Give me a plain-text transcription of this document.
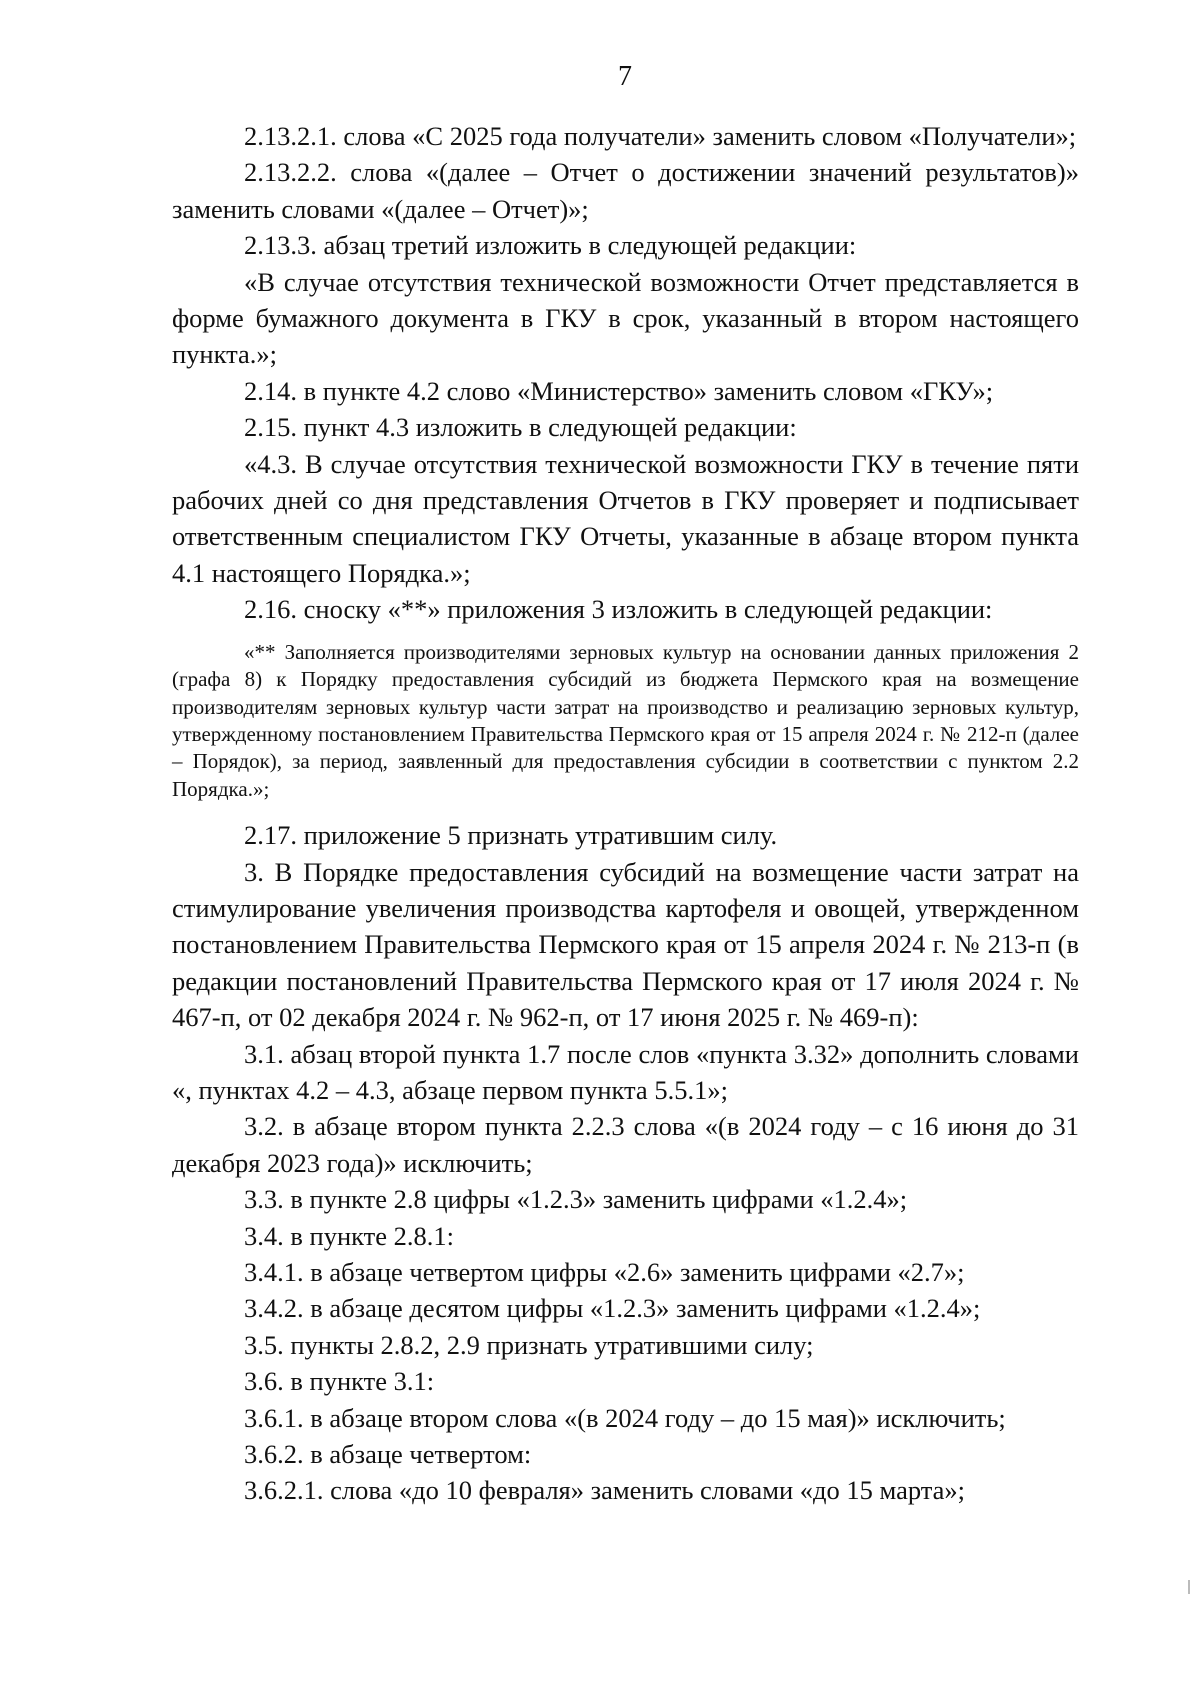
7

2.13.2.1. слова «С 2025 года получатели» заменить словом «Получатели»;

2.13.2.2. слова «(далее – Отчет о достижении значений результатов)» заменить словами «(далее – Отчет)»;

2.13.3. абзац третий изложить в следующей редакции:

«В случае отсутствия технической возможности Отчет представляется в форме бумажного документа в ГКУ в срок, указанный в втором настоящего пункта.»;

2.14. в пункте 4.2 слово «Министерство» заменить словом «ГКУ»;

2.15. пункт 4.3 изложить в следующей редакции:

«4.3. В случае отсутствия технической возможности ГКУ в течение пяти рабочих дней со дня представления Отчетов в ГКУ проверяет и подписывает ответственным специалистом ГКУ Отчеты, указанные в абзаце втором пункта 4.1 настоящего Порядка.»;

2.16. сноску «**» приложения 3 изложить в следующей редакции:

«** Заполняется производителями зерновых культур на основании данных приложения 2 (графа 8) к Порядку предоставления субсидий из бюджета Пермского края на возмещение производителям зерновых культур части затрат на производство и реализацию зерновых культур, утвержденному постановлением Правительства Пермского края от 15 апреля 2024 г. № 212-п (далее – Порядок), за период, заявленный для предоставления субсидии в соответствии с пунктом 2.2 Порядка.»;

2.17. приложение 5 признать утратившим силу.

3. В Порядке предоставления субсидий на возмещение части затрат на стимулирование увеличения производства картофеля и овощей, утвержденном постановлением Правительства Пермского края от 15 апреля 2024 г. № 213-п (в редакции постановлений Правительства Пермского края от 17 июля 2024 г. № 467-п, от 02 декабря 2024 г. № 962-п, от 17 июня 2025 г. № 469-п):

3.1. абзац второй пункта 1.7 после слов «пункта 3.32» дополнить словами «, пунктах 4.2 – 4.3, абзаце первом пункта 5.5.1»;

3.2. в абзаце втором пункта 2.2.3 слова «(в 2024 году – с 16 июня до 31 декабря 2023 года)» исключить;

3.3. в пункте 2.8 цифры «1.2.3» заменить цифрами «1.2.4»;

3.4. в пункте 2.8.1:

3.4.1. в абзаце четвертом цифры «2.6» заменить цифрами «2.7»;

3.4.2. в абзаце десятом цифры «1.2.3» заменить цифрами «1.2.4»;

3.5. пункты 2.8.2, 2.9 признать утратившими силу;

3.6. в пункте 3.1:

3.6.1. в абзаце втором слова «(в 2024 году – до 15 мая)» исключить;

3.6.2. в абзаце четвертом:

3.6.2.1. слова «до 10 февраля» заменить словами «до 15 марта»;
